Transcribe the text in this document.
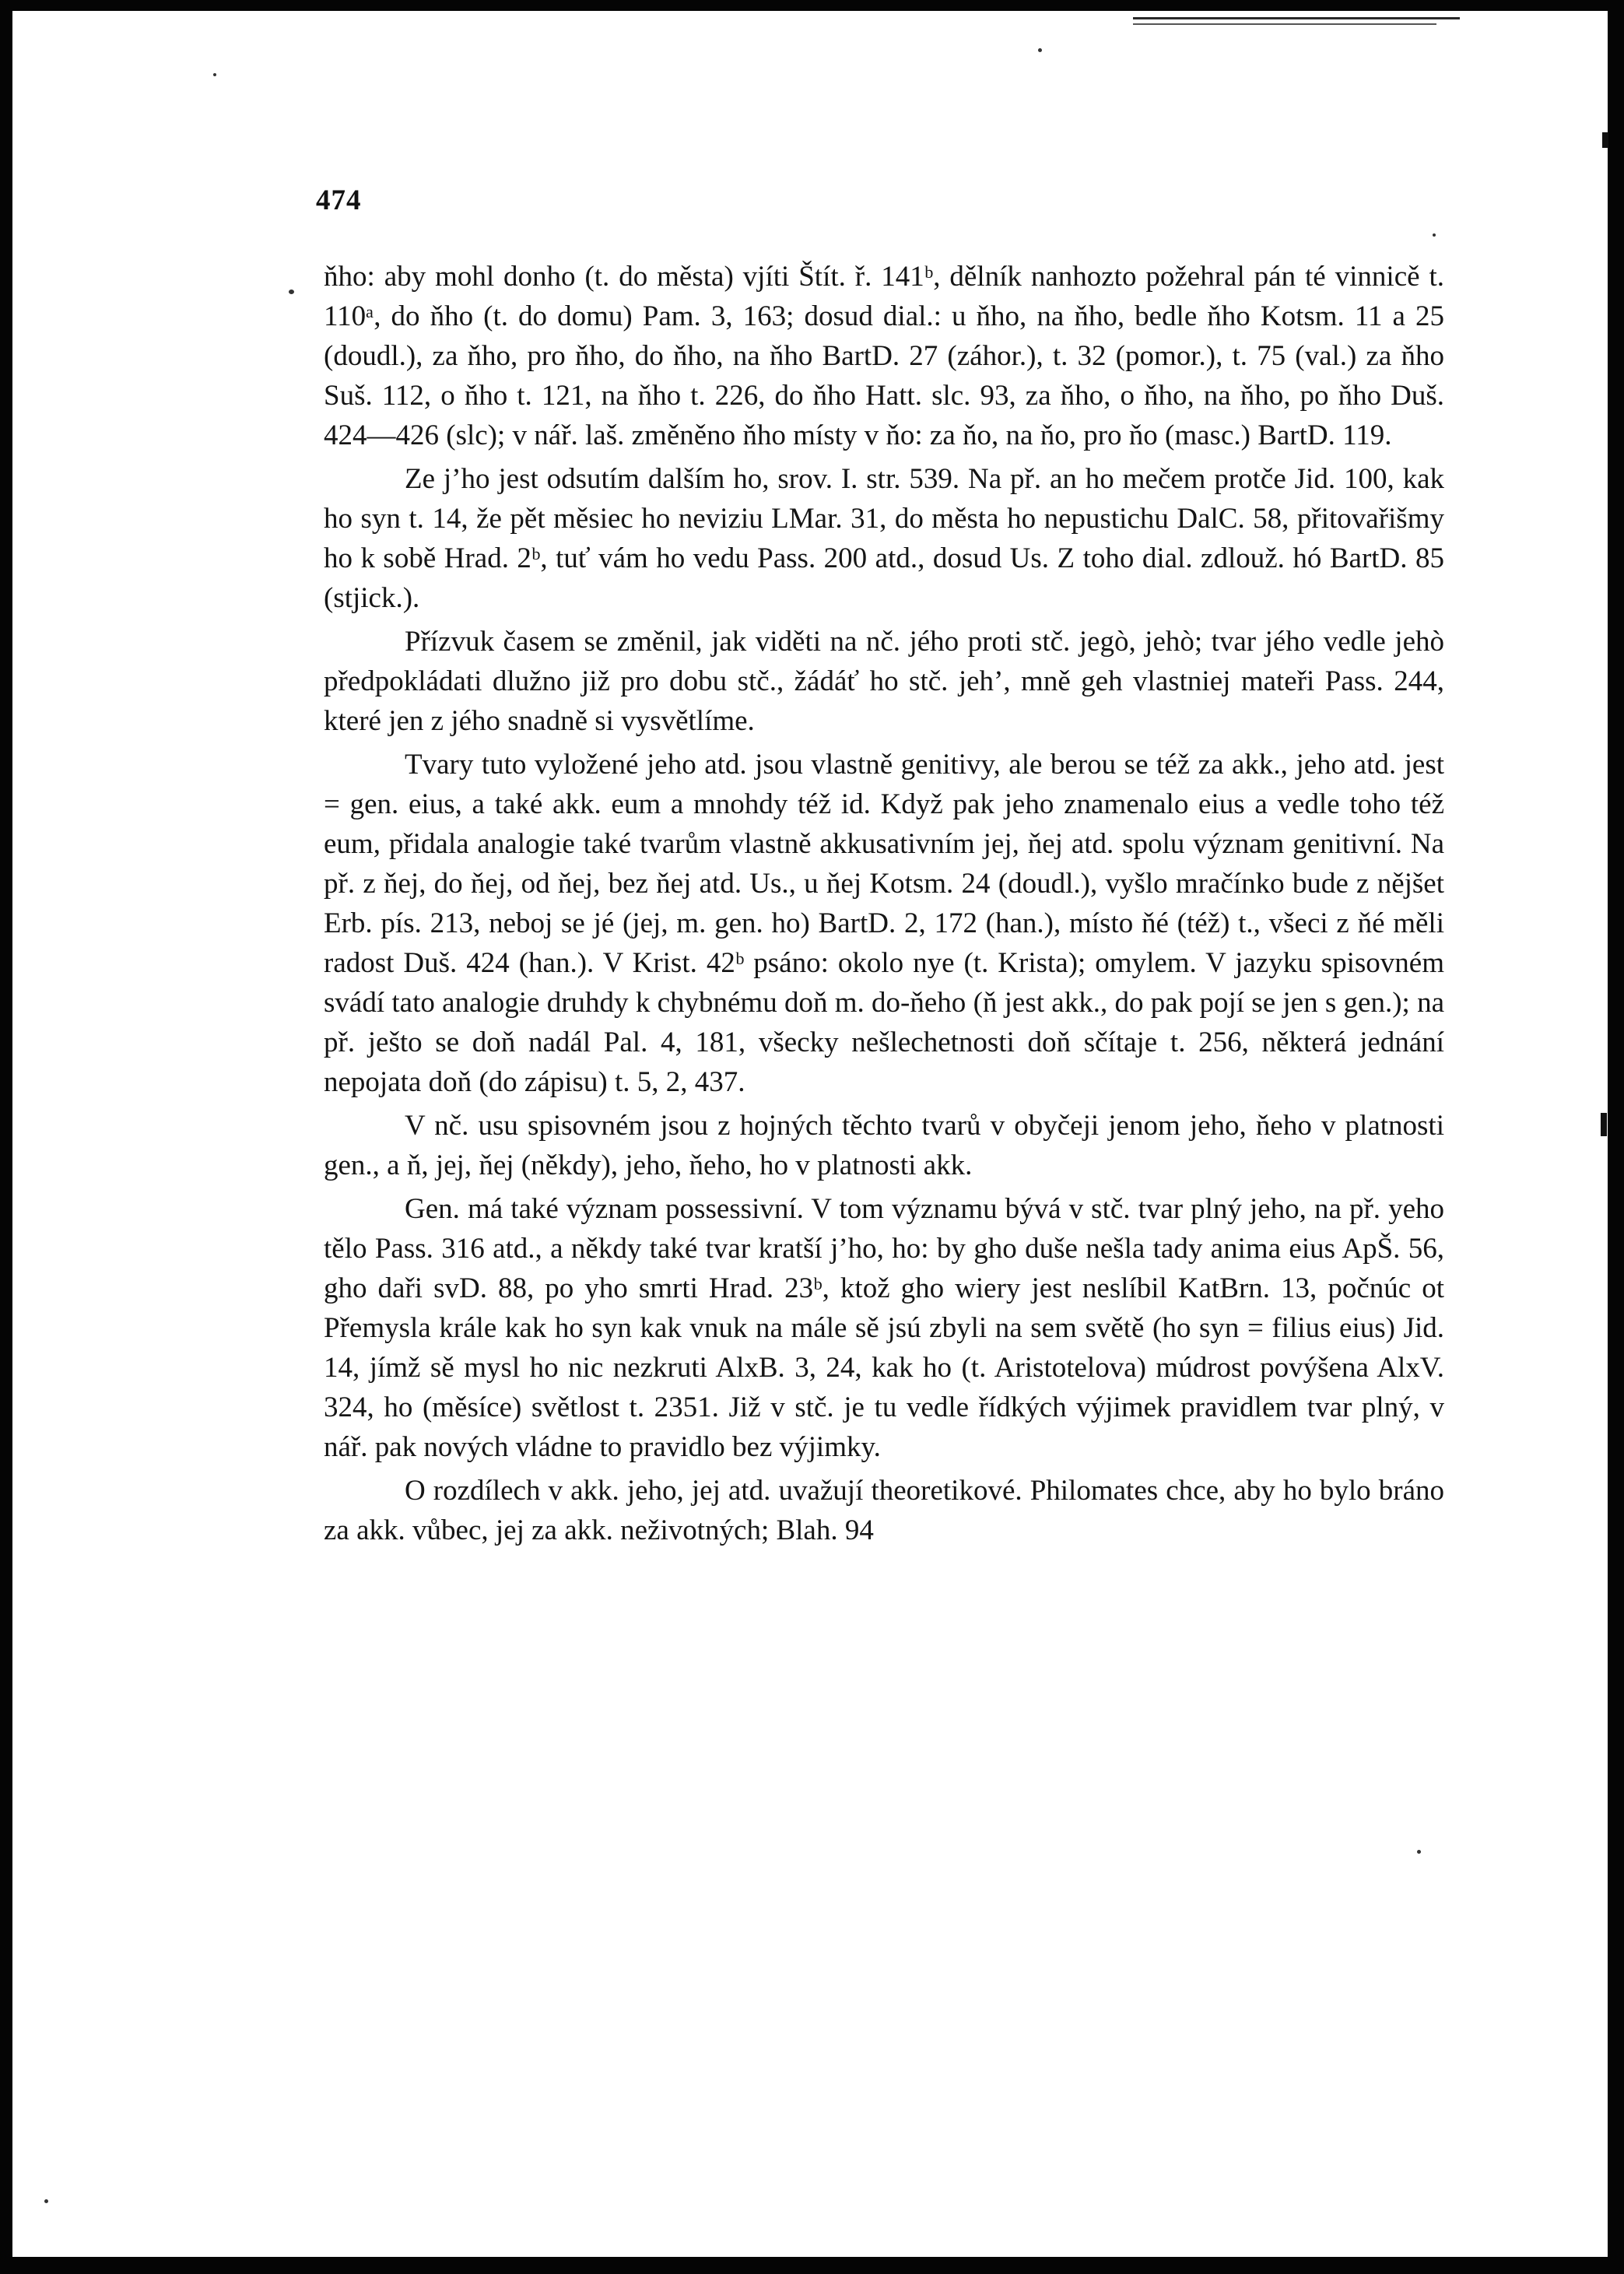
474

ňho: aby mohl donho (t. do města) vjíti Štít. ř. 141ᵇ, dělník nanhozto požehral pán té vinnicě t. 110ᵃ, do ňho (t. do domu) Pam. 3, 163; dosud dial.: u ňho, na ňho, bedle ňho Kotsm. 11 a 25 (doudl.), za ňho, pro ňho, do ňho, na ňho BartD. 27 (záhor.), t. 32 (pomor.), t. 75 (val.) za ňho Suš. 112, o ňho t. 121, na ňho t. 226, do ňho Hatt. slc. 93, za ňho, o ňho, na ňho, po ňho Duš. 424—426 (slc); v nář. laš. změněno ňho místy v ňo: za ňo, na ňo, pro ňo (masc.) BartD. 119.

Ze jʼho jest odsutím dalším ho, srov. I. str. 539. Na př. an ho mečem protče Jid. 100, kak ho syn t. 14, že pět měsiec ho neviziu LMar. 31, do města ho nepustichu DalC. 58, přitovařišmy ho k sobě Hrad. 2ᵇ, tuť vám ho vedu Pass. 200 atd., dosud Us. Z toho dial. zdlouž. hó BartD. 85 (stjick.).

Přízvuk časem se změnil, jak viděti na nč. jého proti stč. jegò, jehò; tvar jého vedle jehò předpokládati dlužno již pro dobu stč., žádáť ho stč. jehʼ, mně geh vlastniej mateři Pass. 244, které jen z jého snadně si vysvětlíme.

Tvary tuto vyložené jeho atd. jsou vlastně genitivy, ale berou se též za akk., jeho atd. jest = gen. eius, a také akk. eum a mnohdy též id. Když pak jeho znamenalo eius a vedle toho též eum, přidala analogie také tvarům vlastně akkusativním jej, ňej atd. spolu význam genitivní. Na př. z ňej, do ňej, od ňej, bez ňej atd. Us., u ňej Kotsm. 24 (doudl.), vyšlo mračínko bude z nějšet Erb. pís. 213, neboj se jé (jej, m. gen. ho) BartD. 2, 172 (han.), místo ňé (též) t., všeci z ňé měli radost Duš. 424 (han.). V Krist. 42ᵇ psáno: okolo nye (t. Krista); omylem. V jazyku spisovném svádí tato analogie druhdy k chybnému doň m. do-ňeho (ň jest akk., do pak pojí se jen s gen.); na př. ješto se doň nadál Pal. 4, 181, všecky nešlechetnosti doň sčítaje t. 256, některá jednání nepojata doň (do zápisu) t. 5, 2, 437.

V nč. usu spisovném jsou z hojných těchto tvarů v obyčeji jenom jeho, ňeho v platnosti gen., a ň, jej, ňej (někdy), jeho, ňeho, ho v platnosti akk.

Gen. má také význam possessivní. V tom významu bývá v stč. tvar plný jeho, na př. yeho tělo Pass. 316 atd., a někdy také tvar kratší jʼho, ho: by gho duše nešla tady anima eius ApŠ. 56, gho daři svD. 88, po yho smrti Hrad. 23ᵇ, ktož gho wiery jest neslíbil KatBrn. 13, počnúc ot Přemysla krále kak ho syn kak vnuk na mále sě jsú zbyli na sem světě (ho syn = filius eius) Jid. 14, jímž sě mysl ho nic nezkruti AlxB. 3, 24, kak ho (t. Aristotelova) múdrost povýšena AlxV. 324, ho (měsíce) světlost t. 2351. Již v stč. je tu vedle řídkých výjimek pravidlem tvar plný, v nář. pak nových vládne to pravidlo bez výjimky.

O rozdílech v akk. jeho, jej atd. uvažují theoretikové. Philomates chce, aby ho bylo bráno za akk. vůbec, jej za akk. neživotných; Blah. 94
